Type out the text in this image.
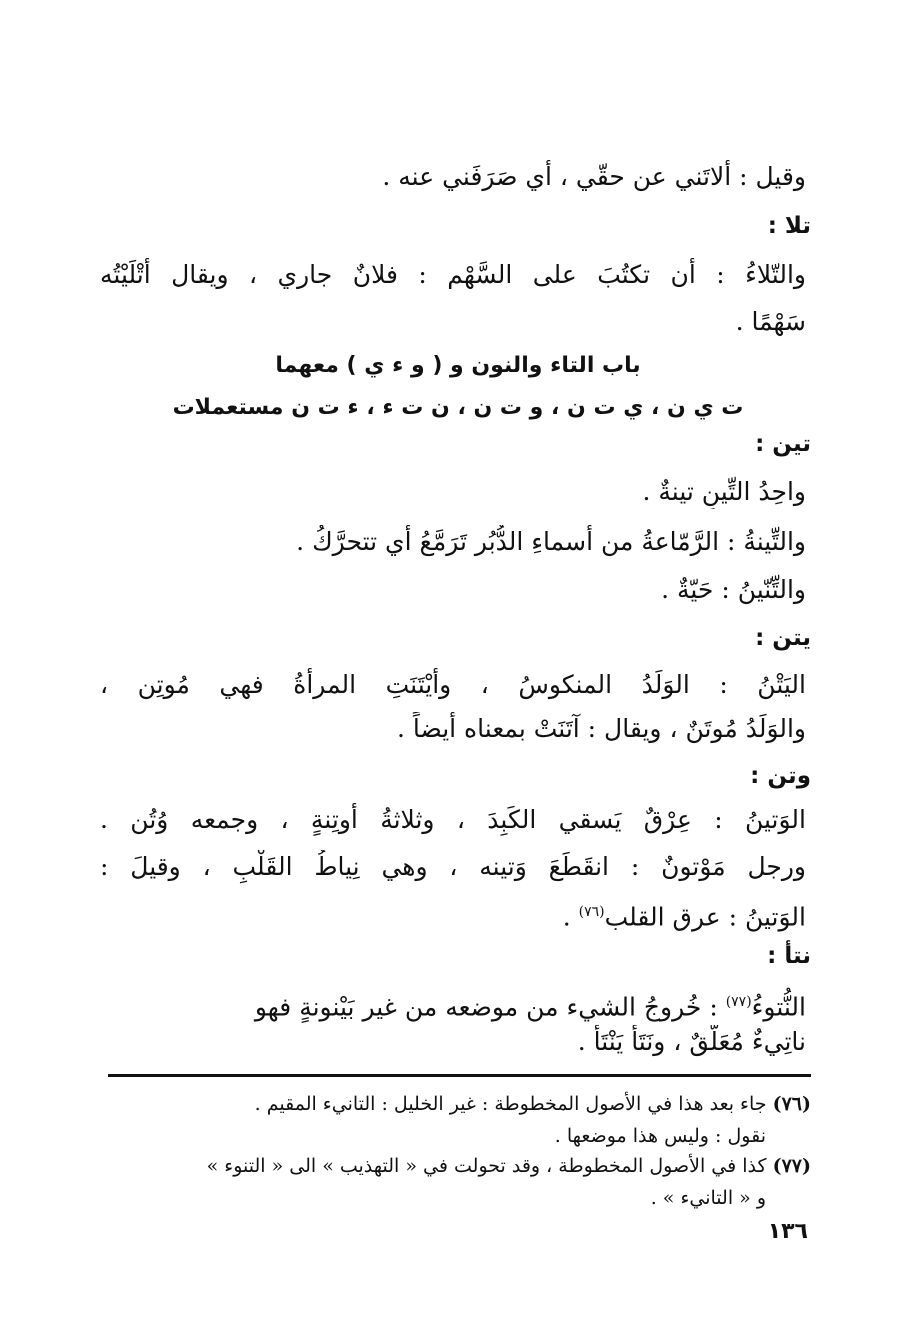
وقيل : ألاتَني عن حقّي ، أي صَرَفَني عنه .
تلا :
والتّلاءُ : أن تكتُبَ على السَّهْم : فلانٌ جاري ، ويقال أتْلَيْتُه
سَهْمًا .
باب التاء والنون و ( و ء ي ) معهما
ت ي ن ، ي ت ن ، و ت ن ، ن ت ء ، ء ت ن مستعملات
تين :
واحِدُ التِّينِ تينةٌ .
والتِّينةُ : الرَّمّاعةُ من أسماءِ الدُّبُر تَرَمَّعُ أي تتحرَّكُ .
والتِّنّينُ : حَيّةٌ .
يتن :
اليَتْنُ : الوَلَدُ المنكوسُ ، وأيْتَنَتِ المرأةُ فهي مُوتِن ،
والوَلَدُ مُوتَنٌ ، ويقال : آتَنَتْ بمعناه أيضاً .
وتن :
الوَتينُ : عِرْقٌ يَسقي الكَبِدَ ، وثلاثةُ أوتِنةٍ ، وجمعه وُتُن .
ورجل مَوْتونٌ : انقَطَعَ وَتينه ، وهي نِياطُ القَلْبِ ، وقيلَ :
الوَتينُ : عرق القلب$^{(٧٦)}$ .
نتأ :
النُّتوءُ$^{(٧٧)}$ : خُروجُ الشيء من موضعه من غير بَيْنونةٍ فهو
ناتِيءٌ مُعَلَّقٌ ، ونَتَأَ يَنْتَأُ .
(٧٦) جاء بعد هذا في الأصول المخطوطة : غير الخليل : التانيء المقيم .
نقول : وليس هذا موضعها .
(٧٧) كذا في الأصول المخطوطة ، وقد تحولت في « التهذيب » الى « التنوء »
و « التانيء » .
١٣٦
